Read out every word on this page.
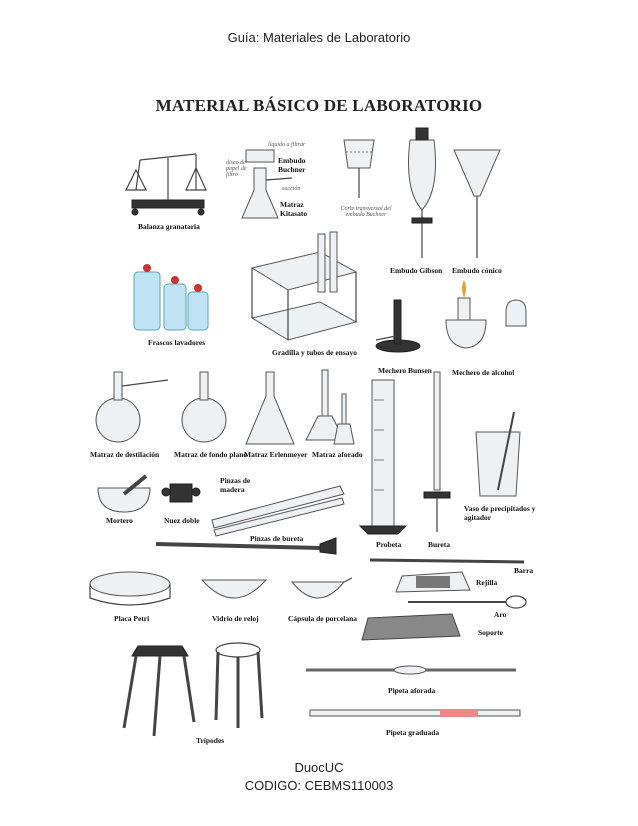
Guía: Materiales de Laboratorio
MATERIAL BÁSICO DE LABORATORIO
Balanza granataria
Embudo Buchner
Matraz Kitasato
Embudo Gibson Embudo cónico
Frascos lavadores
Gradilla y tubos de ensayo
Mechero Bunsen	Mechero de alcohol
Matraz de destilación Matraz de fondo plano
Matraz Erlenmeyer Matraz aforado
Mortero	Nuez doble
Pinzas de madera
Pinzas de bureta
Probeta	Bureta
Vaso de precipitados y agitador
Barra
Rejilla
Aro
Placa Petri	Vidrio de reloj	Cápsula de porcelana
Soporte
Pipeta aforada
Pipeta graduada
Trípodes
líquido a filtrar
disco de papel de filtro
succión
Corte transversal del embudo Buchner
DuocUC
CODIGO: CEBMS110003
